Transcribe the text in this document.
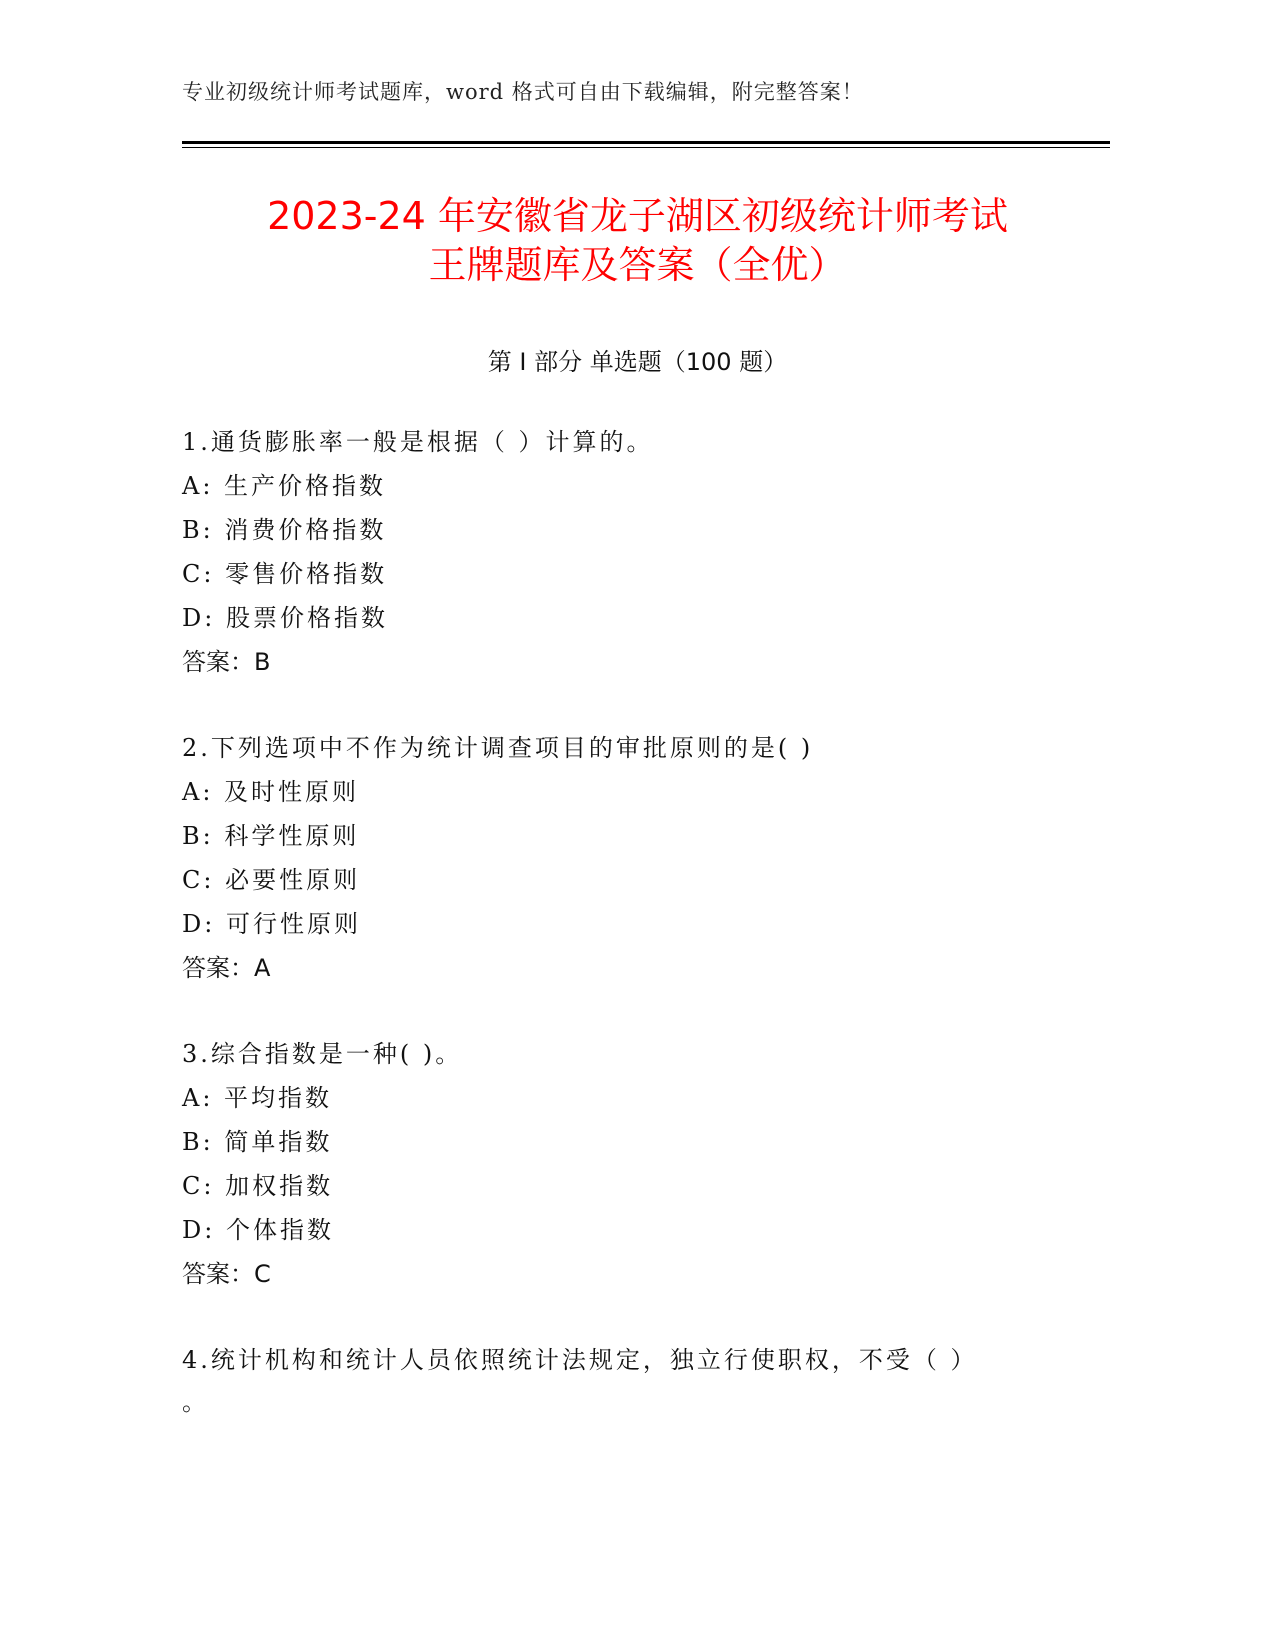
专业初级统计师考试题库，word 格式可自由下载编辑，附完整答案！
2023-24 年安徽省龙子湖区初级统计师考试
王牌题库及答案（全优）
第 I 部分 单选题（100 题）
1.通货膨胀率一般是根据（ ）计算的。
A: 生产价格指数
B: 消费价格指数
C: 零售价格指数
D: 股票价格指数
答案：B
2.下列选项中不作为统计调查项目的审批原则的是( )
A: 及时性原则
B: 科学性原则
C: 必要性原则
D: 可行性原则
答案：A
3.综合指数是一种( )。
A: 平均指数
B: 简单指数
C: 加权指数
D: 个体指数
答案：C
4.统计机构和统计人员依照统计法规定，独立行使职权，不受（ ）
。
